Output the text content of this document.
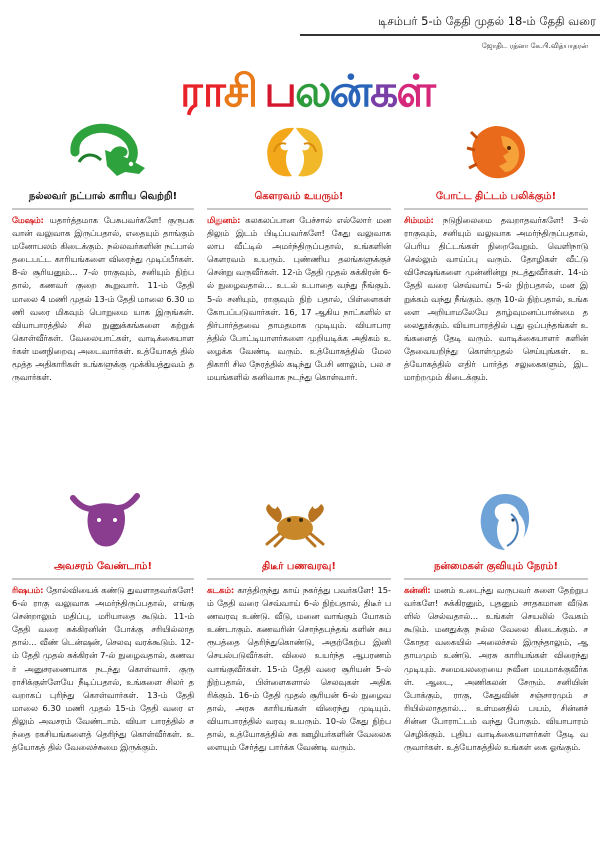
டிசம்பர் 5-ம் தேதி முதல் 18-ம் தேதி வரை
ஜோதிட ரத்னா கே.பி.வித்யாதரன்
ராசி பலன்கள்
நல்லவர் நட்பால் காரிய வெற்றி!

மேஷம்: யதார்த்தமாக பேசுபவர்களே! குருபகவான் வலுவாக இருப்பதால், எதையும் தாங்கும் மனோபலம் கிடைக்கும். நல்லவர்களின் நட்பால் தடைபட்ட காரியங்களை விரைந்து முடிப்பீர்கள். 8-ல் சூரியனும்... 7-ல் ராகுவும், சனியும் நிற்பதால், கணவர் குறை கூறுவார். 11-ம் தேதி மாலை 4 மணி முதல் 13-ம் தேதி மாலை 6.30 மணி வரை மிகவும் பொறுமை யாக இருங்கள். வியாபாரத்தில் சில நுணுக்கங்களை கற்றுக் கொள்வீர்கள். வேலையாட்கள், வாடிக்கையாளர்கள் மனநிறைவு அடைவார்கள். உத்யோகத் தில் மூத்த அதிகாரிகள் உங்களுக்கு முக்கியத்துவம் தருவார்கள்.

கௌரவம் உயரும்!

மிதுனம்: கலகலப்பான பேச்சால் எல்லோர் மனதிலும் இடம் பிடிப்பவர்களே! கேது வலுவாக லாப வீட்டில் அமர்ந்திருப்பதால், உங்களின் கௌரவம் உயரும். புண்ணிய தலங்களுக்குச் சென்று வருவீர்கள். 12-ம் தேதி முதல் சுக்கிரன் 6-ல் நுழைவதால்... உடல் உபாதை வந்து நீங்கும். 5-ல் சனியும், ராகுவும் நிற் பதால், பிள்ளைகள் கோபப்படுவார்கள். 16, 17 ஆகிய நாட்களில் எதிர்பார்த்தவை தாமதமாக முடியும். வியாபாரத்தில் போட்டியாளர்களை முறியடிக்க அதிகம் உழைக்க வேண்டி வரும். உத்யோகத்தில் மேலதிகாரி சில நேரத்தில் கடிந்து பேசி னாலும், பல சமயங்களில் கனிவாக நடந்து கொள்வார்.

போட்ட திட்டம் பலிக்கும்!

சிம்மம்: நடுநிலைமை தவறாதவர்களே! 3-ல் ராகுவும், சனியும் வலுவாக அமர்ந்திருப்பதால், பெரிய திட்டங்கள் நிறைவேறும். வெளிநாடு செல்லும் வாய்ப்பு வரும். தோழிகள் வீட்டு விசேஷங்களை முன்னின்று நடத்துவீர்கள். 14-ம் தேதி வரை செவ்வாய் 5-ல் நிற்பதால், மன இறுக்கம் வந்து நீங்கும். குரு 10-ல் நிற்பதால், உங்களை அறியாமலேயே தாழ்வுமனப்பான்மை தலைதூக்கும். வியாபாரத்தில் புது ஒப்பந்தங்கள் உங்களைத் தேடி வரும். வாடிக்கையாளர் களின் தேவையறிந்து கொள்முதல் செய்யுங்கள். உத்யோகத்தில் எதிர் பார்த்த சலுகைகளும், இடமாற்றமும் கிடைக்கும்.

அவசரம் வேண்டாம்!

ரிஷபம்: தோல்வியைக் கண்டு துவளாதவர்களே! 6-ல் ராகு வலுவாக அமர்ந்திருப்பதால், எங்கு சென்றாலும் மதிப்பு, மரியாதை கூடும். 11-ம் தேதி வரை சுக்கிரனின் போக்கு சரியில்லாததால்... வீண் டென்ஷன், செலவு வரக்கூடும். 12-ம் தேதி முதல் சுக்கிரன் 7-ல் நுழைவதால், கணவர் அனுசரணையாக நடந்து கொள்வார். குரு ராசிக்குள்ளேயே நீடிப்பதால், உங்களை சிலர் தவறாகப் புரிந்து கொள்வார்கள். 13-ம் தேதி மாலை 6.30 மணி முதல் 15-ம் தேதி வரை எதிலும் அவசரம் வேண்டாம். வியா பாரத்தில் சந்தை ரகசியங்களைத் தெரிந்து கொள்வீர்கள். உத்யோகத் தில் வேலைச்சுமை இருக்கும்.

திடீர் பணவரவு!

கடகம்: காத்திருந்து காய் நகர்த்து பவர்களே! 15-ம் தேதி வரை செவ்வாய் 6-ல் நிற்பதால், திடீர் பணவரவு உண்டு. வீடு, மனை வாங்கும் யோகம் உண்டாகும். கணவரின் சொந்தபந்தங் களின் சுயரூபத்தை தெரிந்துகொண்டு, அதற்கேற்ப இனி செயல்படுவீர்கள். விலை உயர்ந்த ஆபரணம் வாங்குவீர்கள். 15-ம் தேதி வரை சூரியன் 5-ல் நிற்பதால், பிள்ளைகளால் செலவுகள் அதிகரிக்கும். 16-ம் தேதி முதல் சூரியன் 6-ல் நுழைவதால், அரசு காரியங்கள் விரைந்து முடியும். வியாபாரத்தில் வரவு உயரும். 10-ல் கேது நிற்பதால், உத்யோகத்தில் சக ஊழியர்களின் வேலைகளையும் சேர்த்து பார்க்க வேண்டி வரும்.

நன்மைகள் குவியும் நேரம்!

கன்னி: மனம் உடைந்து வருபவர் களை தேற்றுபவர்களே! சுக்கிரனும், புதனும் சாதகமான வீடுகளில் செல்வதால்... உங்கள் செயலில் வேகம் கூடும். மனதுக்கு நல்ல வேலை கிடைக்கும். சகோதர வகையில் அலைச்சல் இருந்தாலும், ஆதாயமும் உண்டு. அரசு காரியங்கள் விரைந்து முடியும். சமையலறையை நவீன மயமாக்குவீர்கள். ஆடை, அணிகலன் சேரும். சனியின் போக்கும், ராகு, கேதுவின் சஞ்சாரமும் சரியில்லாததால்... உள்மனதில் பயம், சின்னச் சின்ன போராட்டம் வந்து போகும். வியாபாரம் செழிக்கும். புதிய வாடிக்கையாளர்கள் தேடி வருவார்கள். உத்யோகத்தில் உங்கள் கை ஓங்கும்.
